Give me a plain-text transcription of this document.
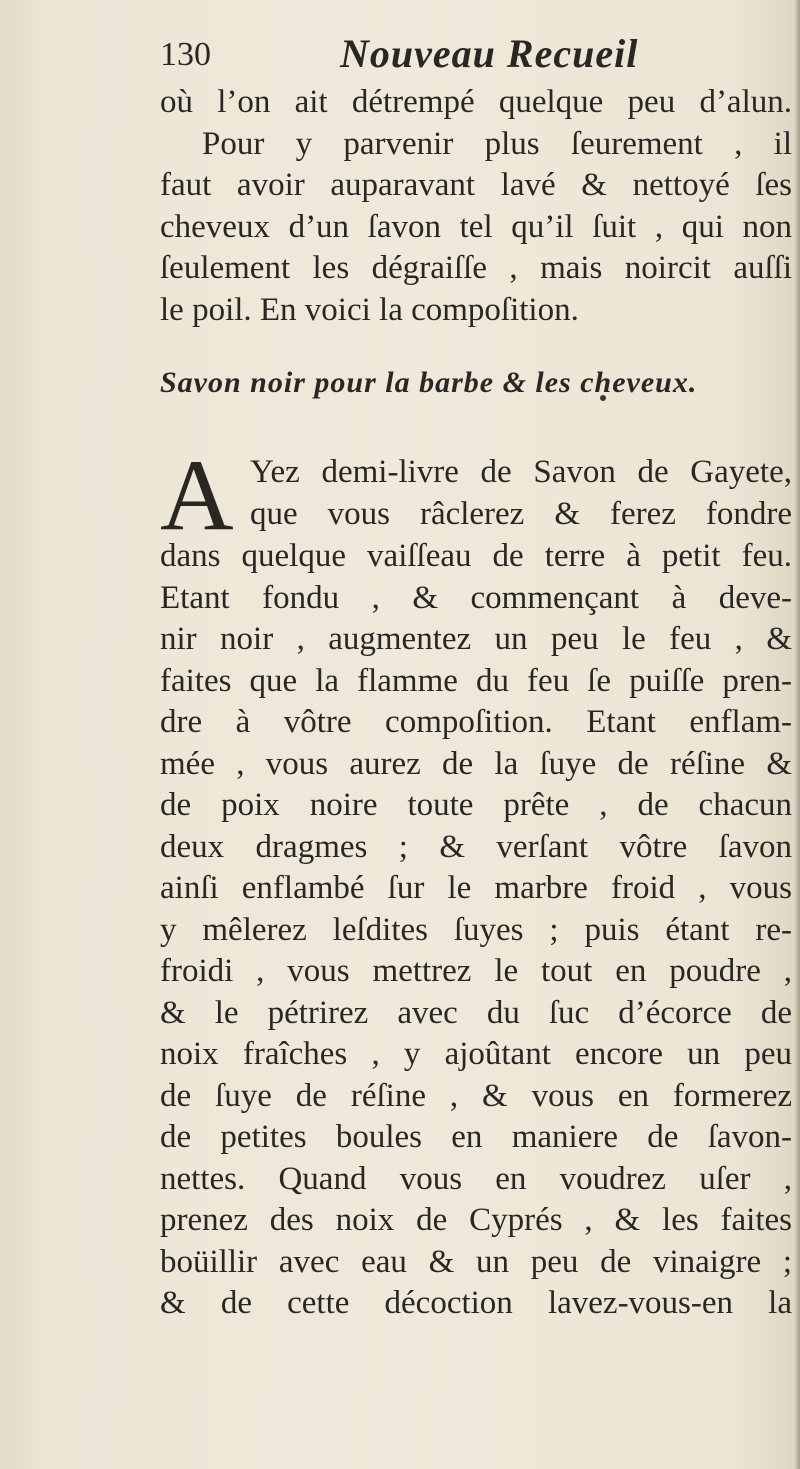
130	Nouveau Recueil
où l’on ait détrempé quelque peu d’alun.
Pour y parvenir plus ſeurement , il
faut avoir auparavant lavé & nettoyé ſes
cheveux d’un ſavon tel qu’il ſuit , qui non
ſeulement les dégraiſſe , mais noircit auſſi
le poil. En voici la compoſition.
Savon noir pour la barbe & les cheveux.
A Yez demi-livre de Savon de Gayete,
que vous râclerez & ferez fondre
dans quelque vaiſſeau de terre à petit feu.
Etant fondu , & commençant à deve-
nir noir , augmentez un peu le feu , &
faites que la flamme du feu ſe puiſſe pren-
dre à vôtre compoſition. Etant enflam-
mée , vous aurez de la ſuye de réſine &
de poix noire toute prête , de chacun
deux dragmes ; & verſant vôtre ſavon
ainſi enflambé ſur le marbre froid , vous
y mêlerez leſdites ſuyes ; puis étant re-
froidi , vous mettrez le tout en poudre ,
& le pétrirez avec du ſuc d’écorce de
noix fraîches , y ajoûtant encore un peu
de ſuye de réſine , & vous en formerez
de petites boules en maniere de ſavon-
nettes. Quand vous en voudrez uſer ,
prenez des noix de Cyprés , & les faites
boüillir avec eau & un peu de vinaigre ;
& de cette décoction lavez-vous-en la
